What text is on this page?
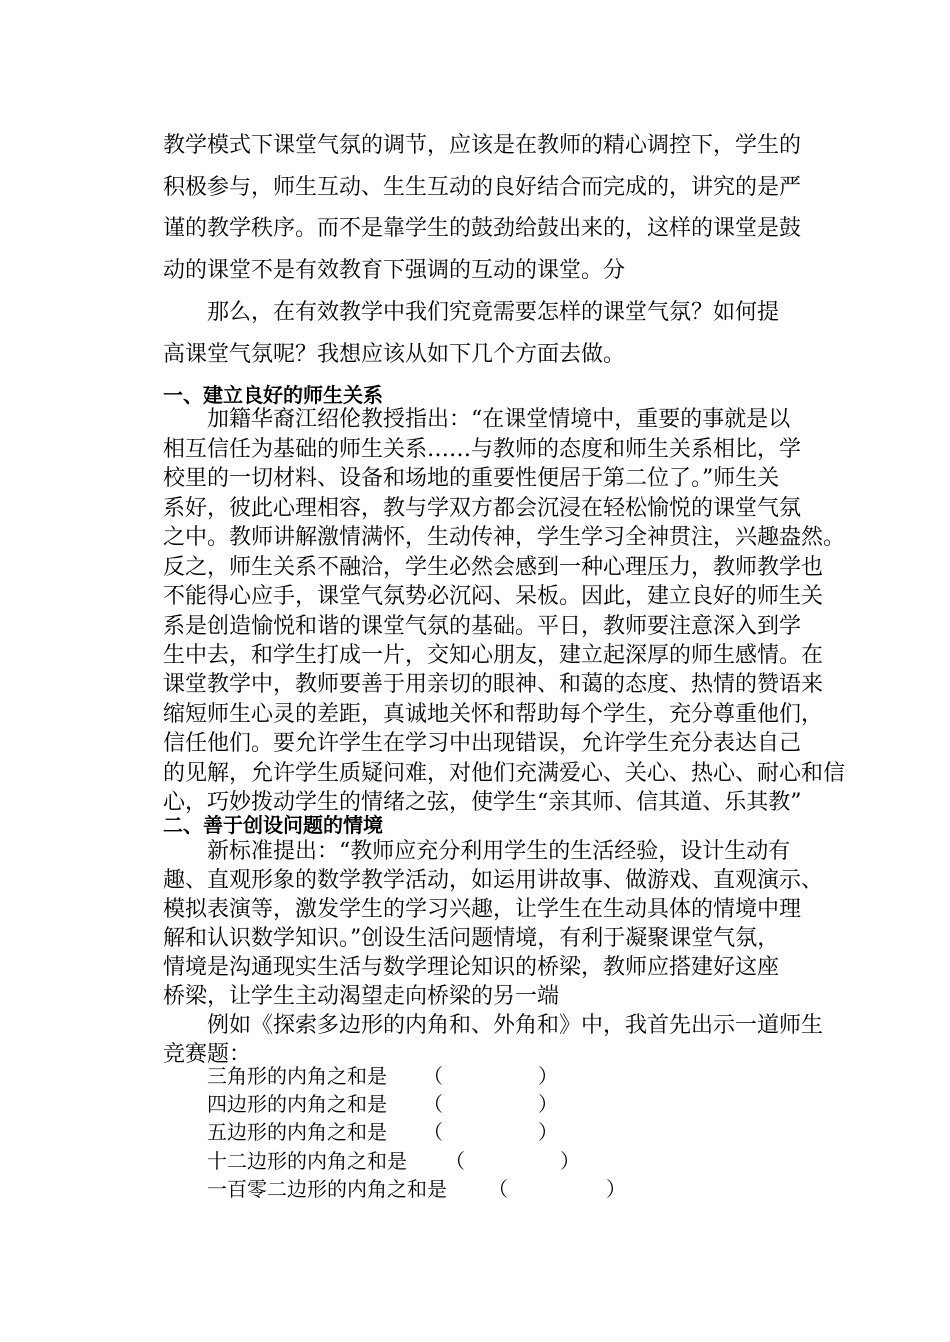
教学模式下课堂气氛的调节，应该是在教师的精心调控下，学生的
积极参与，师生互动、生生互动的良好结合而完成的，讲究的是严
谨的教学秩序。而不是靠学生的鼓劲给鼓出来的，这样的课堂是鼓
动的课堂不是有效教育下强调的互动的课堂。分
那么，在有效教学中我们究竟需要怎样的课堂气氛？如何提
高课堂气氛呢？我想应该从如下几个方面去做。
一、建立良好的师生关系
加籍华裔江绍伦教授指出：“在课堂情境中，重要的事就是以
相互信任为基础的师生关系……与教师的态度和师生关系相比，学
校里的一切材料、设备和场地的重要性便居于第二位了。”师生关
系好，彼此心理相容，教与学双方都会沉浸在轻松愉悦的课堂气氛
之中。教师讲解激情满怀，生动传神，学生学习全神贯注，兴趣盎然。
反之，师生关系不融洽，学生必然会感到一种心理压力，教师教学也
不能得心应手，课堂气氛势必沉闷、呆板。因此，建立良好的师生关
系是创造愉悦和谐的课堂气氛的基础。平日，教师要注意深入到学
生中去，和学生打成一片，交知心朋友，建立起深厚的师生感情。在
课堂教学中，教师要善于用亲切的眼神、和蔼的态度、热情的赞语来
缩短师生心灵的差距，真诚地关怀和帮助每个学生，充分尊重他们，
信任他们。要允许学生在学习中出现错误，允许学生充分表达自己
的见解，允许学生质疑问难，对他们充满爱心、关心、热心、耐心和信
心，巧妙拨动学生的情绪之弦，使学生“亲其师、信其道、乐其教”
二、善于创设问题的情境
新标准提出：“教师应充分利用学生的生活经验，设计生动有
趣、直观形象的数学教学活动，如运用讲故事、做游戏、直观演示、
模拟表演等，激发学生的学习兴趣，让学生在生动具体的情境中理
解和认识数学知识。”创设生活问题情境，有利于凝聚课堂气氛，
情境是沟通现实生活与数学理论知识的桥梁，教师应搭建好这座
桥梁，让学生主动渴望走向桥梁的另一端
例如《探索多边形的内角和、外角和》中，我首先出示一道师生
竞赛题：
三角形的内角之和是 （	）
四边形的内角之和是 （	）
五边形的内角之和是 （	）
十二边形的内角之和是 （	）
一百零二边形的内角之和是 （	）
